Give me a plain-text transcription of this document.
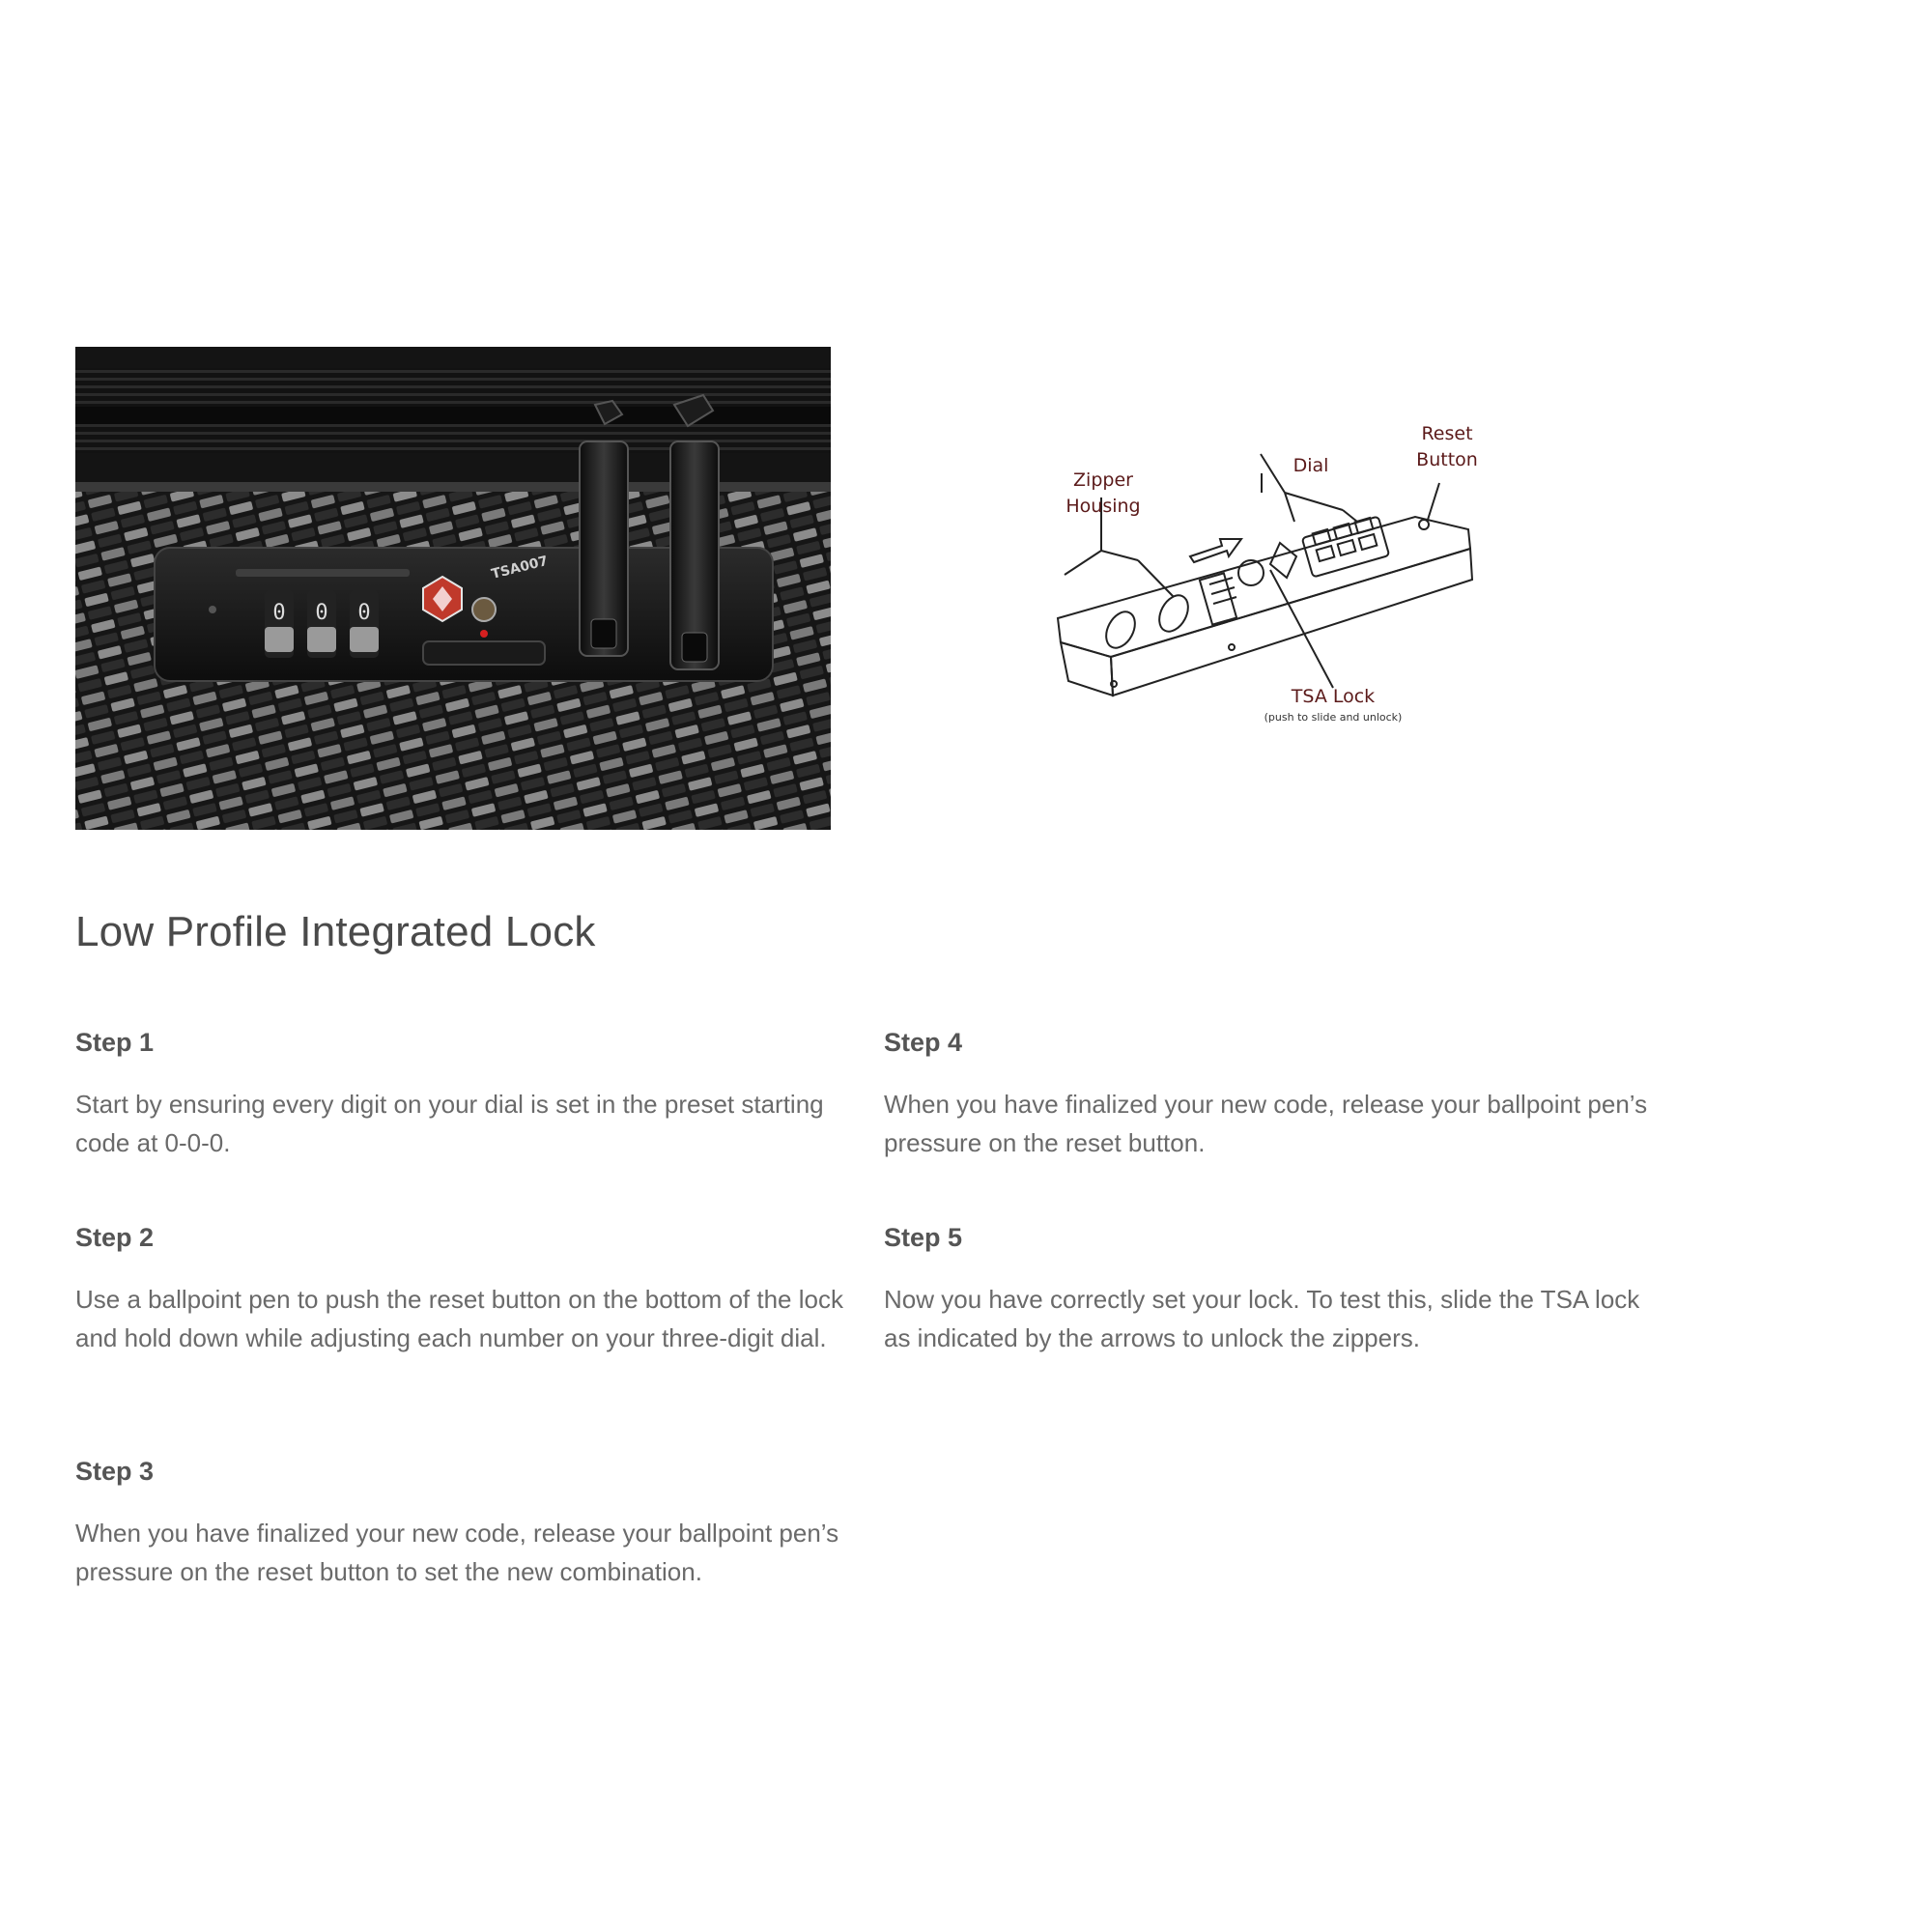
0 0 0
TSA007
Reset
Button
Dial
Zipper
Housing
TSA Lock
(push to slide and unlock)
Low Profile Integrated Lock
Step 1

Start by ensuring every digit on your dial is set in the preset starting code at 0-0-0.

Step 2

Use a ballpoint pen to push the reset button on the bottom of the lock and hold down while adjusting each number on your three-digit dial.

Step 3

When you have finalized your new code, release your ballpoint pen’s pressure on the reset button to set the new combination.

Step 4

When you have finalized your new code, release your ballpoint pen’s pressure on the reset button.

Step 5

Now you have correctly set your lock. To test this, slide the TSA lock as indicated by the arrows to unlock the zippers.
